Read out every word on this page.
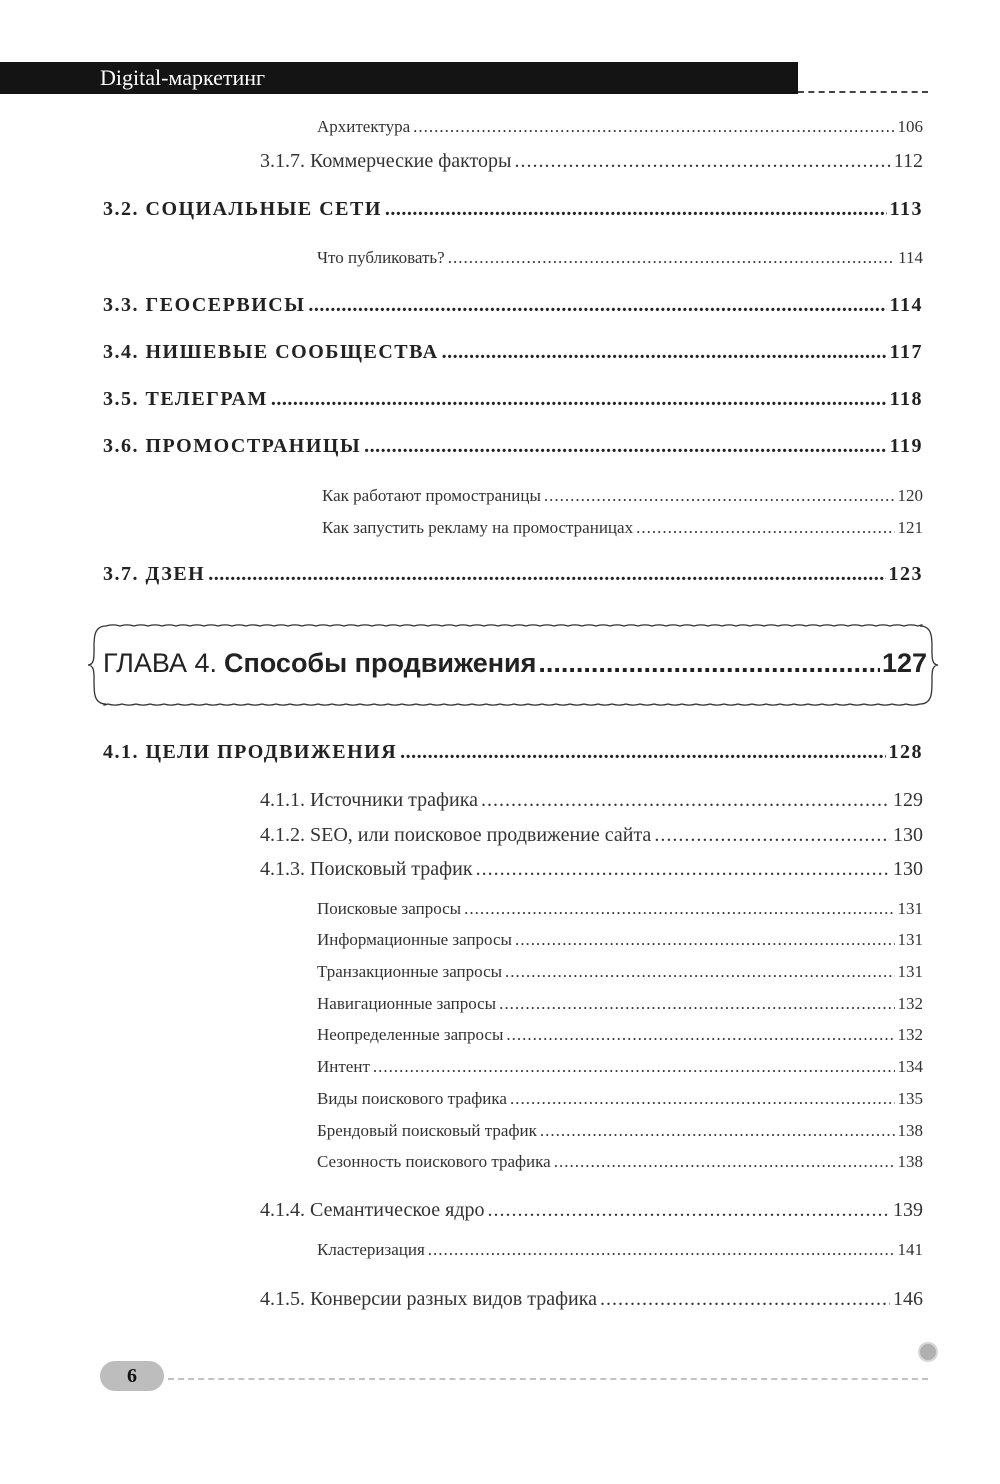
Digital-маркетинг
Архитектура .....	106
3.1.7. Коммерческие факторы .....	112
3.2. СОЦИАЛЬНЫЕ СЕТИ .....	113
Что публиковать? .....	114
3.3. ГЕОСЕРВИСЫ .....	114
3.4. НИШЕВЫЕ СООБЩЕСТВА .....	117
3.5. ТЕЛЕГРАМ .....	118
3.6. ПРОМОСТРАНИЦЫ .....	119
Как работают промостраницы .....	120
Как запустить рекламу на промостраницах .....	121
3.7. ДЗЕН .....	123
ГЛАВА 4. Способы продвижения .....	127
4.1. ЦЕЛИ ПРОДВИЖЕНИЯ .....	128
4.1.1. Источники трафика .....	129
4.1.2. SEO, или поисковое продвижение сайта .....	130
4.1.3. Поисковый трафик .....	130
Поисковые запросы .....	131
Информационные запросы .....	131
Транзакционные запросы .....	131
Навигационные запросы .....	132
Неопределенные запросы .....	132
Интент .....	134
Виды поискового трафика .....	135
Брендовый поисковый трафик .....	138
Сезонность поискового трафика .....	138
4.1.4. Семантическое ядро .....	139
Кластеризация .....	141
4.1.5. Конверсии разных видов трафика .....	146
6
